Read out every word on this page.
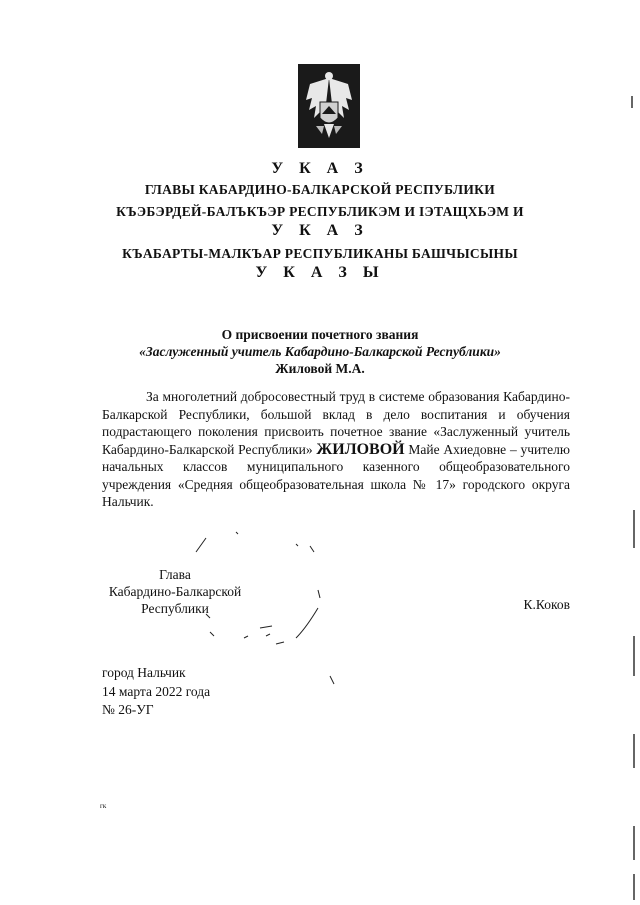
У К А З
ГЛАВЫ КАБАРДИНО-БАЛКАРСКОЙ РЕСПУБЛИКИ
КЪЭБЭРДЕЙ-БАЛЪКЪЭР РЕСПУБЛИКЭМ И IЭТАЩХЬЭМ И
У К А З
КЪАБАРТЫ-МАЛКЪАР РЕСПУБЛИКАНЫ БАШЧЫСЫНЫ
У К А З Ы
О присвоении почетного звания
«Заслуженный учитель Кабардино-Балкарской Республики»
Жиловой М.А.

За многолетний добросовестный труд в системе образования Кабардино-Балкарской Республики, большой вклад в дело воспитания и обучения подрастающего поколения присвоить почетное звание «Заслуженный учитель Кабардино-Балкарской Республики» ЖИЛОВОЙ Майе Ахиедовне – учителю начальных классов муниципального казенного общеобразовательного учреждения «Средняя общеобразовательная школа № 17» городского округа Нальчик.

Глава
Кабардино-Балкарской
Республики	К.Коков
город Нальчик
14 марта 2022 года
№ 26-УГ
гк
